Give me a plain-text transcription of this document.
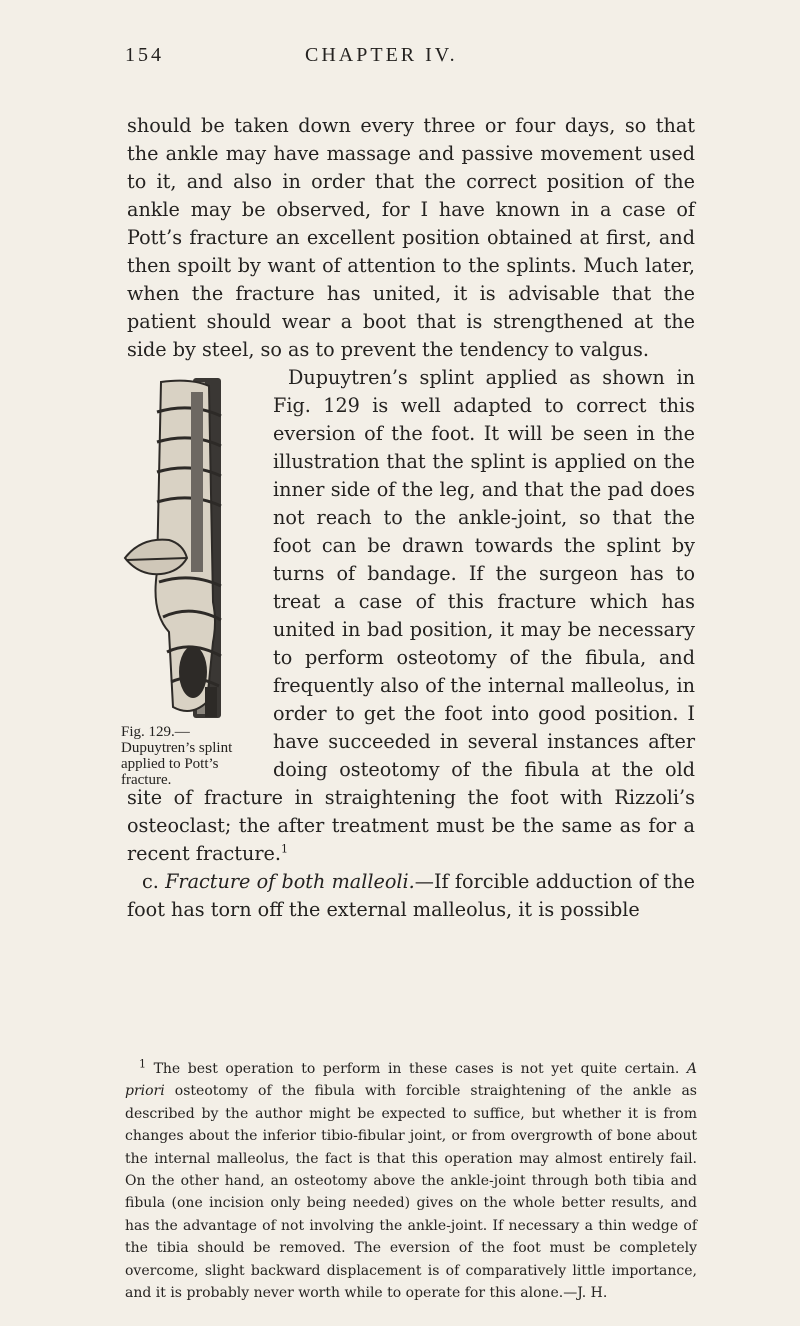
154	CHAPTER IV.

should be taken down every three or four days, so that the ankle may have massage and passive movement used to it, and also in order that the correct position of the ankle may be observed, for I have known in a case of Pott’s fracture an excellent position obtained at first, and then spoilt by want of attention to the splints. Much later, when the fracture has united, it is advisable that the patient should wear a boot that is strengthened at the side by steel, so as to prevent the tendency to valgus.

Fig. 129.—Dupuytren’s splint applied to Pott’s fracture.

Dupuytren’s splint applied as shown in Fig. 129 is well adapted to correct this eversion of the foot. It will be seen in the illustration that the splint is applied on the inner side of the leg, and that the pad does not reach to the ankle-joint, so that the foot can be drawn towards the splint by turns of bandage. If the surgeon has to treat a case of this fracture which has united in bad position, it may be necessary to perform osteotomy of the fibula, and frequently also of the internal malleolus, in order to get the foot into good position. I have succeeded in several instances after doing osteotomy of the fibula at the old site of fracture in straightening the foot with Rizzoli’s osteoclast; the after treatment must be the same as for a recent fracture.$^1$

c. Fracture of both malleoli.—If forcible adduction of the foot has torn off the external malleolus, it is possible

$^1$ The best operation to perform in these cases is not yet quite certain. A priori osteotomy of the fibula with forcible straightening of the ankle as described by the author might be expected to suffice, but whether it is from changes about the inferior tibio-fibular joint, or from overgrowth of bone about the internal malleolus, the fact is that this operation may almost entirely fail. On the other hand, an osteotomy above the ankle-joint through both tibia and fibula (one incision only being needed) gives on the whole better results, and has the advantage of not involving the ankle-joint. If necessary a thin wedge of the tibia should be removed. The eversion of the foot must be completely overcome, slight backward displacement is of comparatively little importance, and it is probably never worth while to operate for this alone.—J. H.
